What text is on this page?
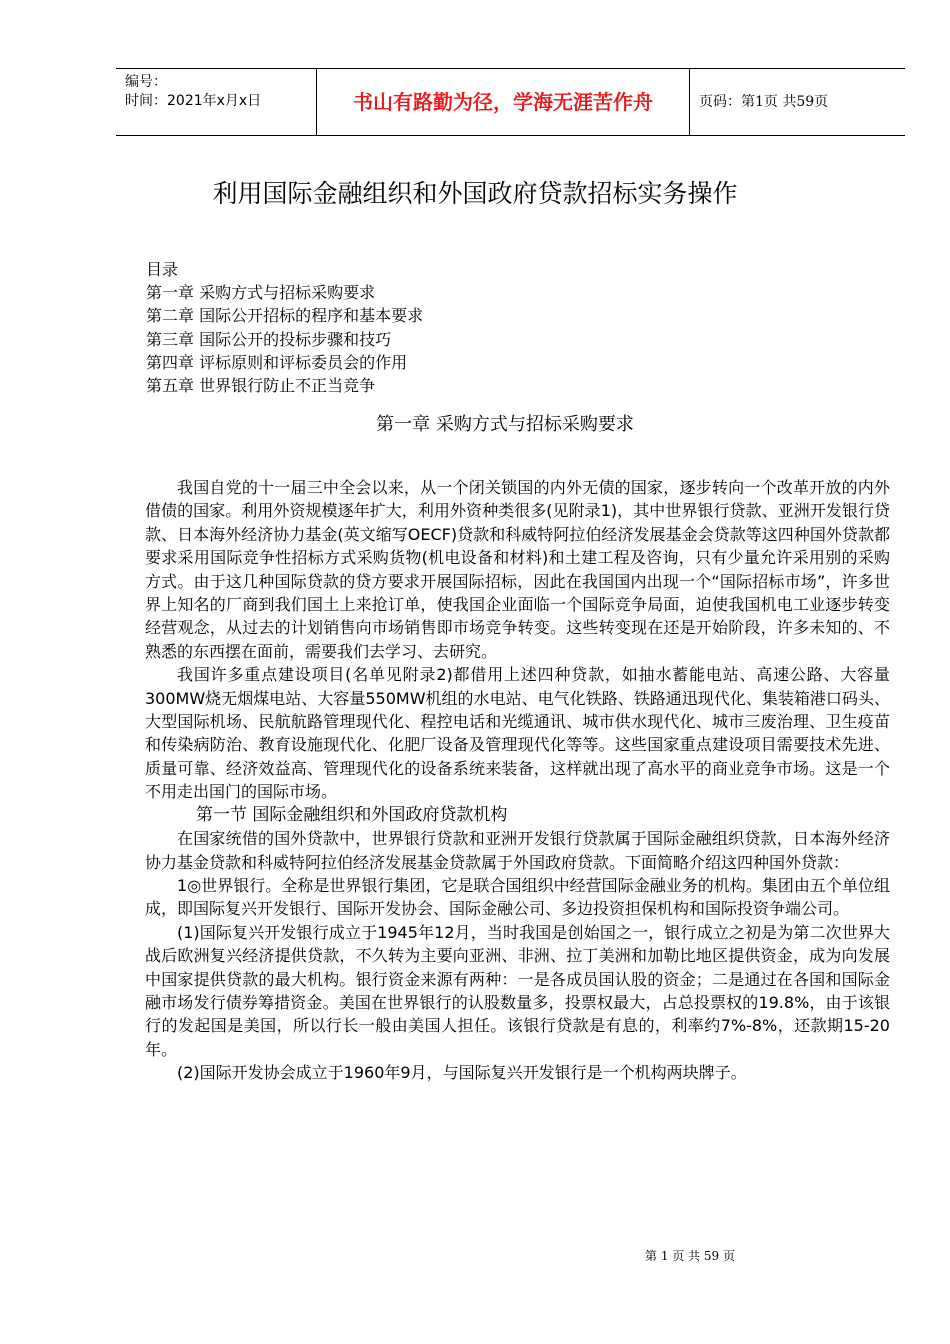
编号：
时间：2021年x月x日	书山有路勤为径，学海无涯苦作舟	页码：第1页 共59页
利用国际金融组织和外国政府贷款招标实务操作
目录
第一章 采购方式与招标采购要求
第二章 国际公开招标的程序和基本要求
第三章 国际公开的投标步骤和技巧
第四章 评标原则和评标委员会的作用
第五章 世界银行防止不正当竞争
第一章 采购方式与招标采购要求

我国自党的十一届三中全会以来，从一个闭关锁国的内外无债的国家，逐步转向一个改革开放的内外借债的国家。利用外资规模逐年扩大，利用外资种类很多(见附录1)，其中世界银行贷款、亚洲开发银行贷款、日本海外经济协力基金(英文缩写OECF)贷款和科威特阿拉伯经济发展基金会贷款等这四种国外贷款都要求采用国际竞争性招标方式采购货物(机电设备和材料)和土建工程及咨询，只有少量允许采用别的采购方式。由于这几种国际贷款的贷方要求开展国际招标，因此在我国国内出现一个“国际招标市场”，许多世界上知名的厂商到我们国土上来抢订单，使我国企业面临一个国际竞争局面，迫使我国机电工业逐步转变经营观念，从过去的计划销售向市场销售即市场竞争转变。这些转变现在还是开始阶段，许多未知的、不熟悉的东西摆在面前，需要我们去学习、去研究。

我国许多重点建设项目(名单见附录2)都借用上述四种贷款，如抽水蓄能电站、高速公路、大容量300MW烧无烟煤电站、大容量550MW机组的水电站、电气化铁路、铁路通迅现代化、集装箱港口码头、大型国际机场、民航航路管理现代化、程控电话和光缆通讯、城市供水现代化、城市三废治理、卫生疫苗和传染病防治、教育设施现代化、化肥厂设备及管理现代化等等。这些国家重点建设项目需要技术先进、质量可靠、经济效益高、管理现代化的设备系统来装备，这样就出现了高水平的商业竞争市场。这是一个不用走出国门的国际市场。

第一节 国际金融组织和外国政府贷款机构

在国家统借的国外贷款中，世界银行贷款和亚洲开发银行贷款属于国际金融组织贷款，日本海外经济协力基金贷款和科威特阿拉伯经济发展基金贷款属于外国政府贷款。下面简略介绍这四种国外贷款：

1◎世界银行。全称是世界银行集团，它是联合国组织中经营国际金融业务的机构。集团由五个单位组成，即国际复兴开发银行、国际开发协会、国际金融公司、多边投资担保机构和国际投资争端公司。

(1)国际复兴开发银行成立于1945年12月，当时我国是创始国之一，银行成立之初是为第二次世界大战后欧洲复兴经济提供贷款，不久转为主要向亚洲、非洲、拉丁美洲和加勒比地区提供资金，成为向发展中国家提供贷款的最大机构。银行资金来源有两种：一是各成员国认股的资金；二是通过在各国和国际金融市场发行债券筹措资金。美国在世界银行的认股数量多，投票权最大，占总投票权的19.8%，由于该银行的发起国是美国，所以行长一般由美国人担任。该银行贷款是有息的，利率约7%-8%，还款期15-20年。

(2)国际开发协会成立于1960年9月，与国际复兴开发银行是一个机构两块牌子。

第 1 页 共 59 页
